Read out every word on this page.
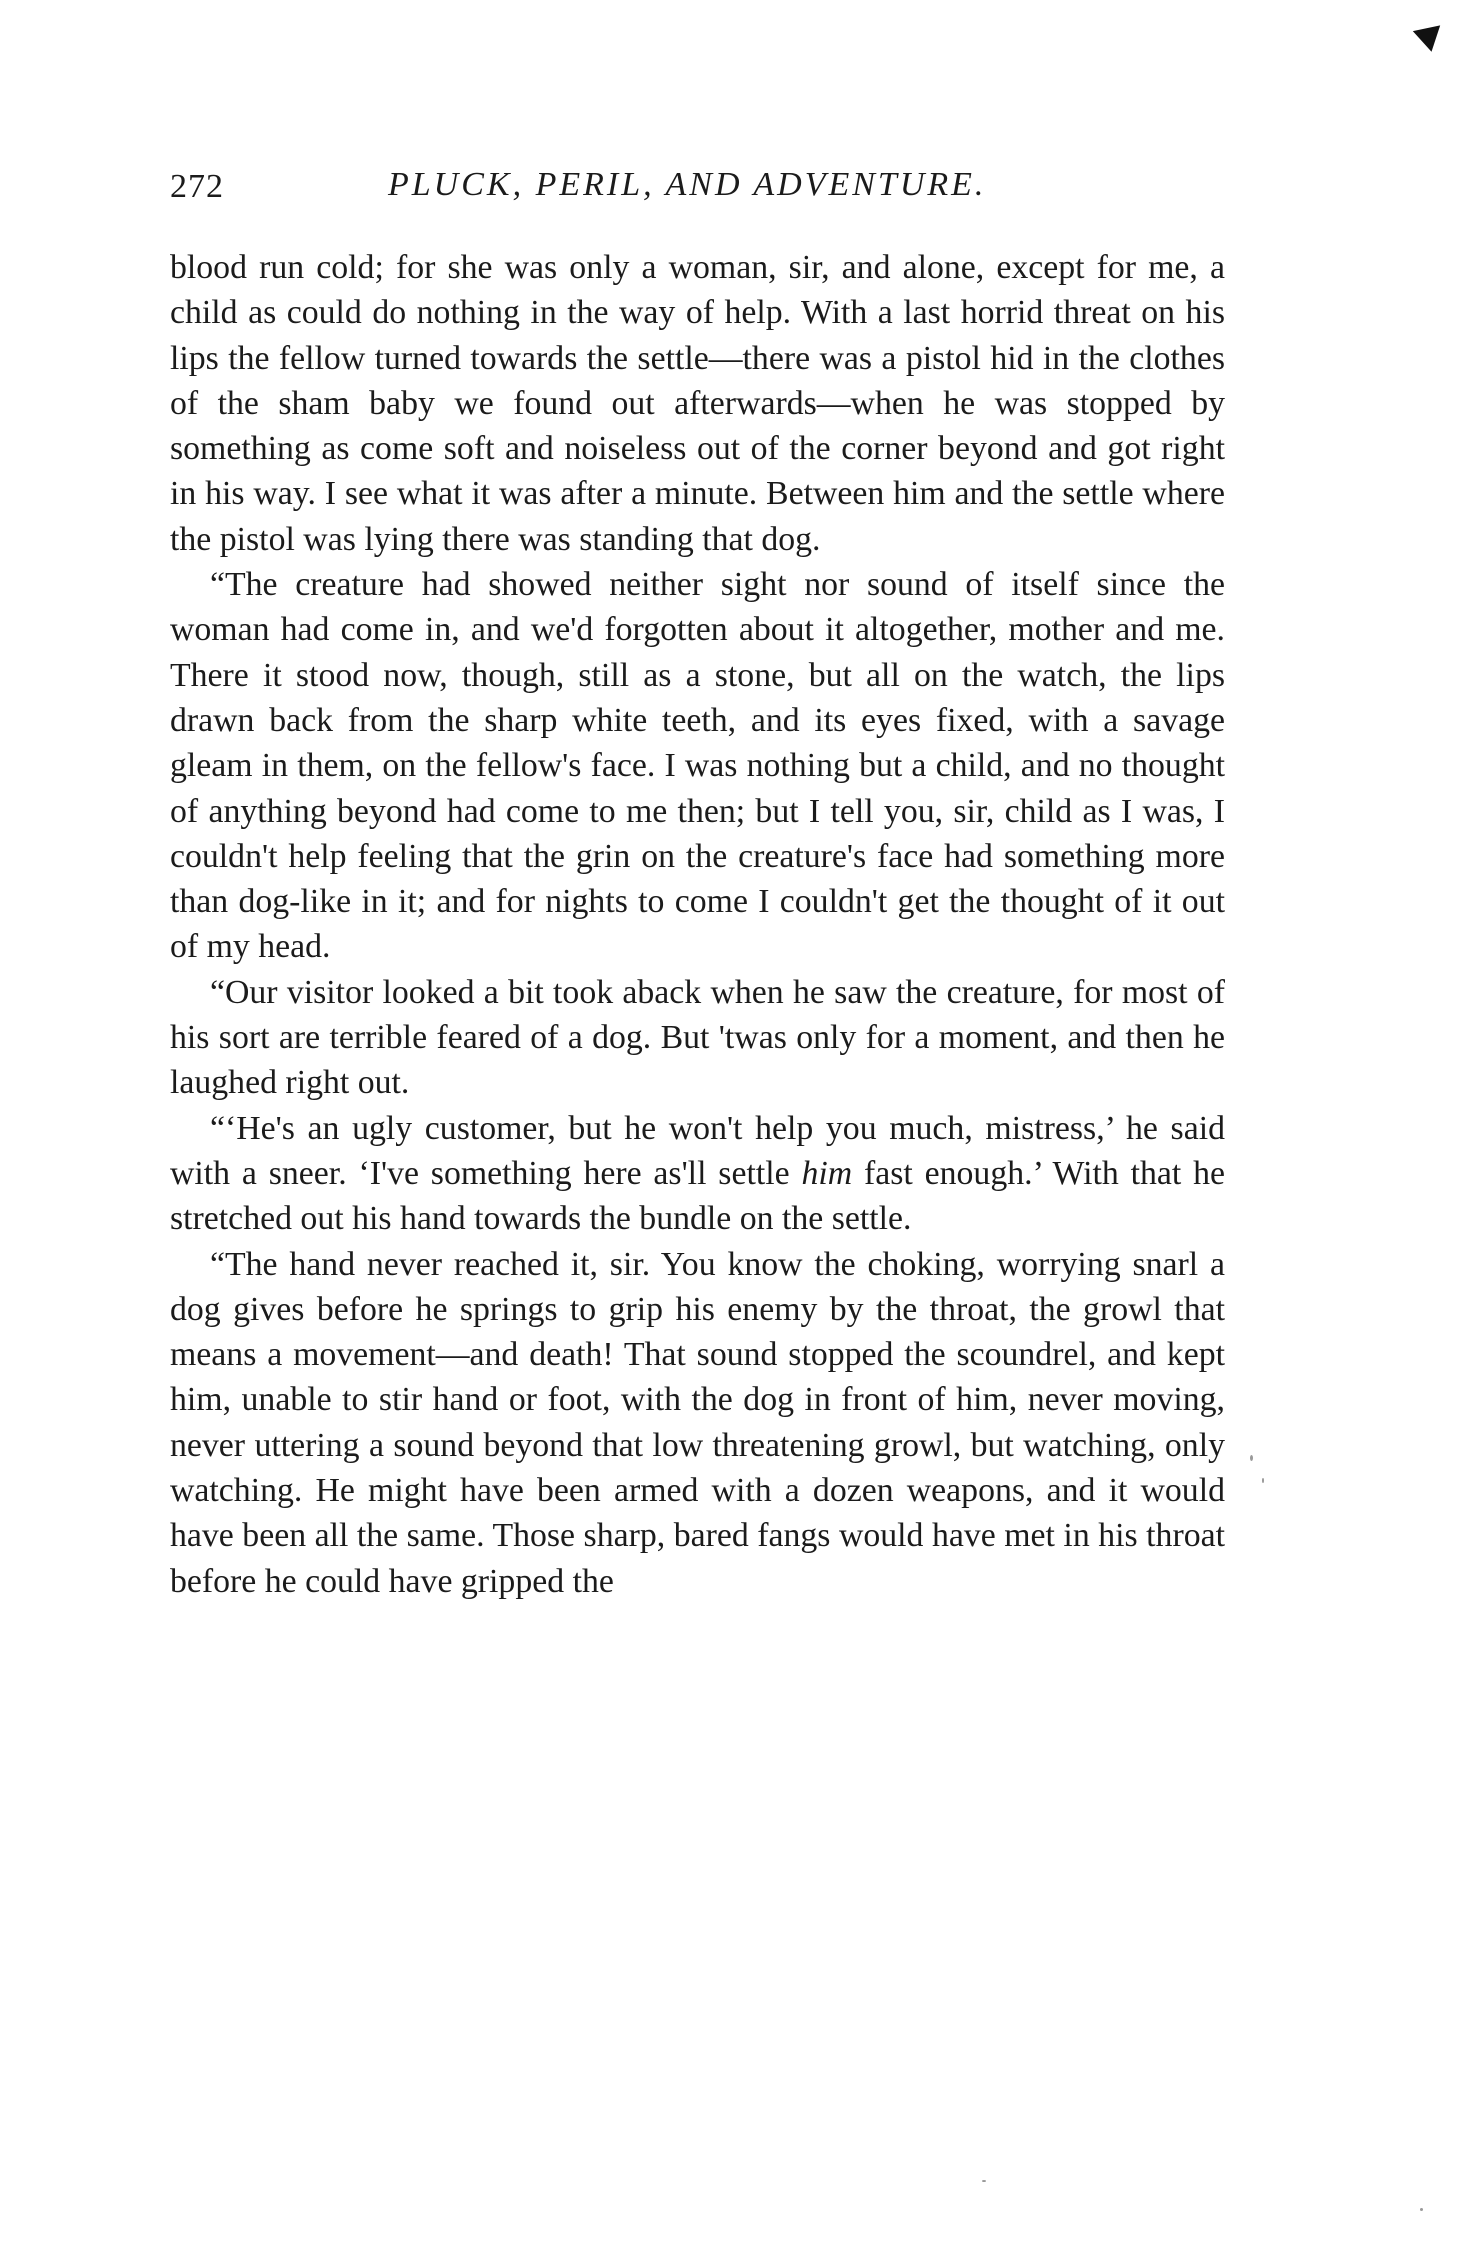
272	PLUCK, PERIL, AND ADVENTURE.

blood run cold; for she was only a woman, sir, and alone, except for me, a child as could do nothing in the way of help. With a last horrid threat on his lips the fellow turned towards the settle—there was a pistol hid in the clothes of the sham baby we found out afterwards—when he was stopped by something as come soft and noiseless out of the corner beyond and got right in his way. I see what it was after a minute. Between him and the settle where the pistol was lying there was standing that dog.

“The creature had showed neither sight nor sound of itself since the woman had come in, and we'd forgotten about it altogether, mother and me. There it stood now, though, still as a stone, but all on the watch, the lips drawn back from the sharp white teeth, and its eyes fixed, with a savage gleam in them, on the fellow's face. I was nothing but a child, and no thought of anything beyond had come to me then; but I tell you, sir, child as I was, I couldn't help feeling that the grin on the creature's face had something more than dog-like in it; and for nights to come I couldn't get the thought of it out of my head.

“Our visitor looked a bit took aback when he saw the creature, for most of his sort are terrible feared of a dog. But 'twas only for a moment, and then he laughed right out.

“‘He's an ugly customer, but he won't help you much, mistress,’ he said with a sneer. ‘I've something here as'll settle him fast enough.’ With that he stretched out his hand towards the bundle on the settle.

“The hand never reached it, sir. You know the choking, worrying snarl a dog gives before he springs to grip his enemy by the throat, the growl that means a movement—and death! That sound stopped the scoundrel, and kept him, unable to stir hand or foot, with the dog in front of him, never moving, never uttering a sound beyond that low threatening growl, but watching, only watching. He might have been armed with a dozen weapons, and it would have been all the same. Those sharp, bared fangs would have met in his throat before he could have gripped the
